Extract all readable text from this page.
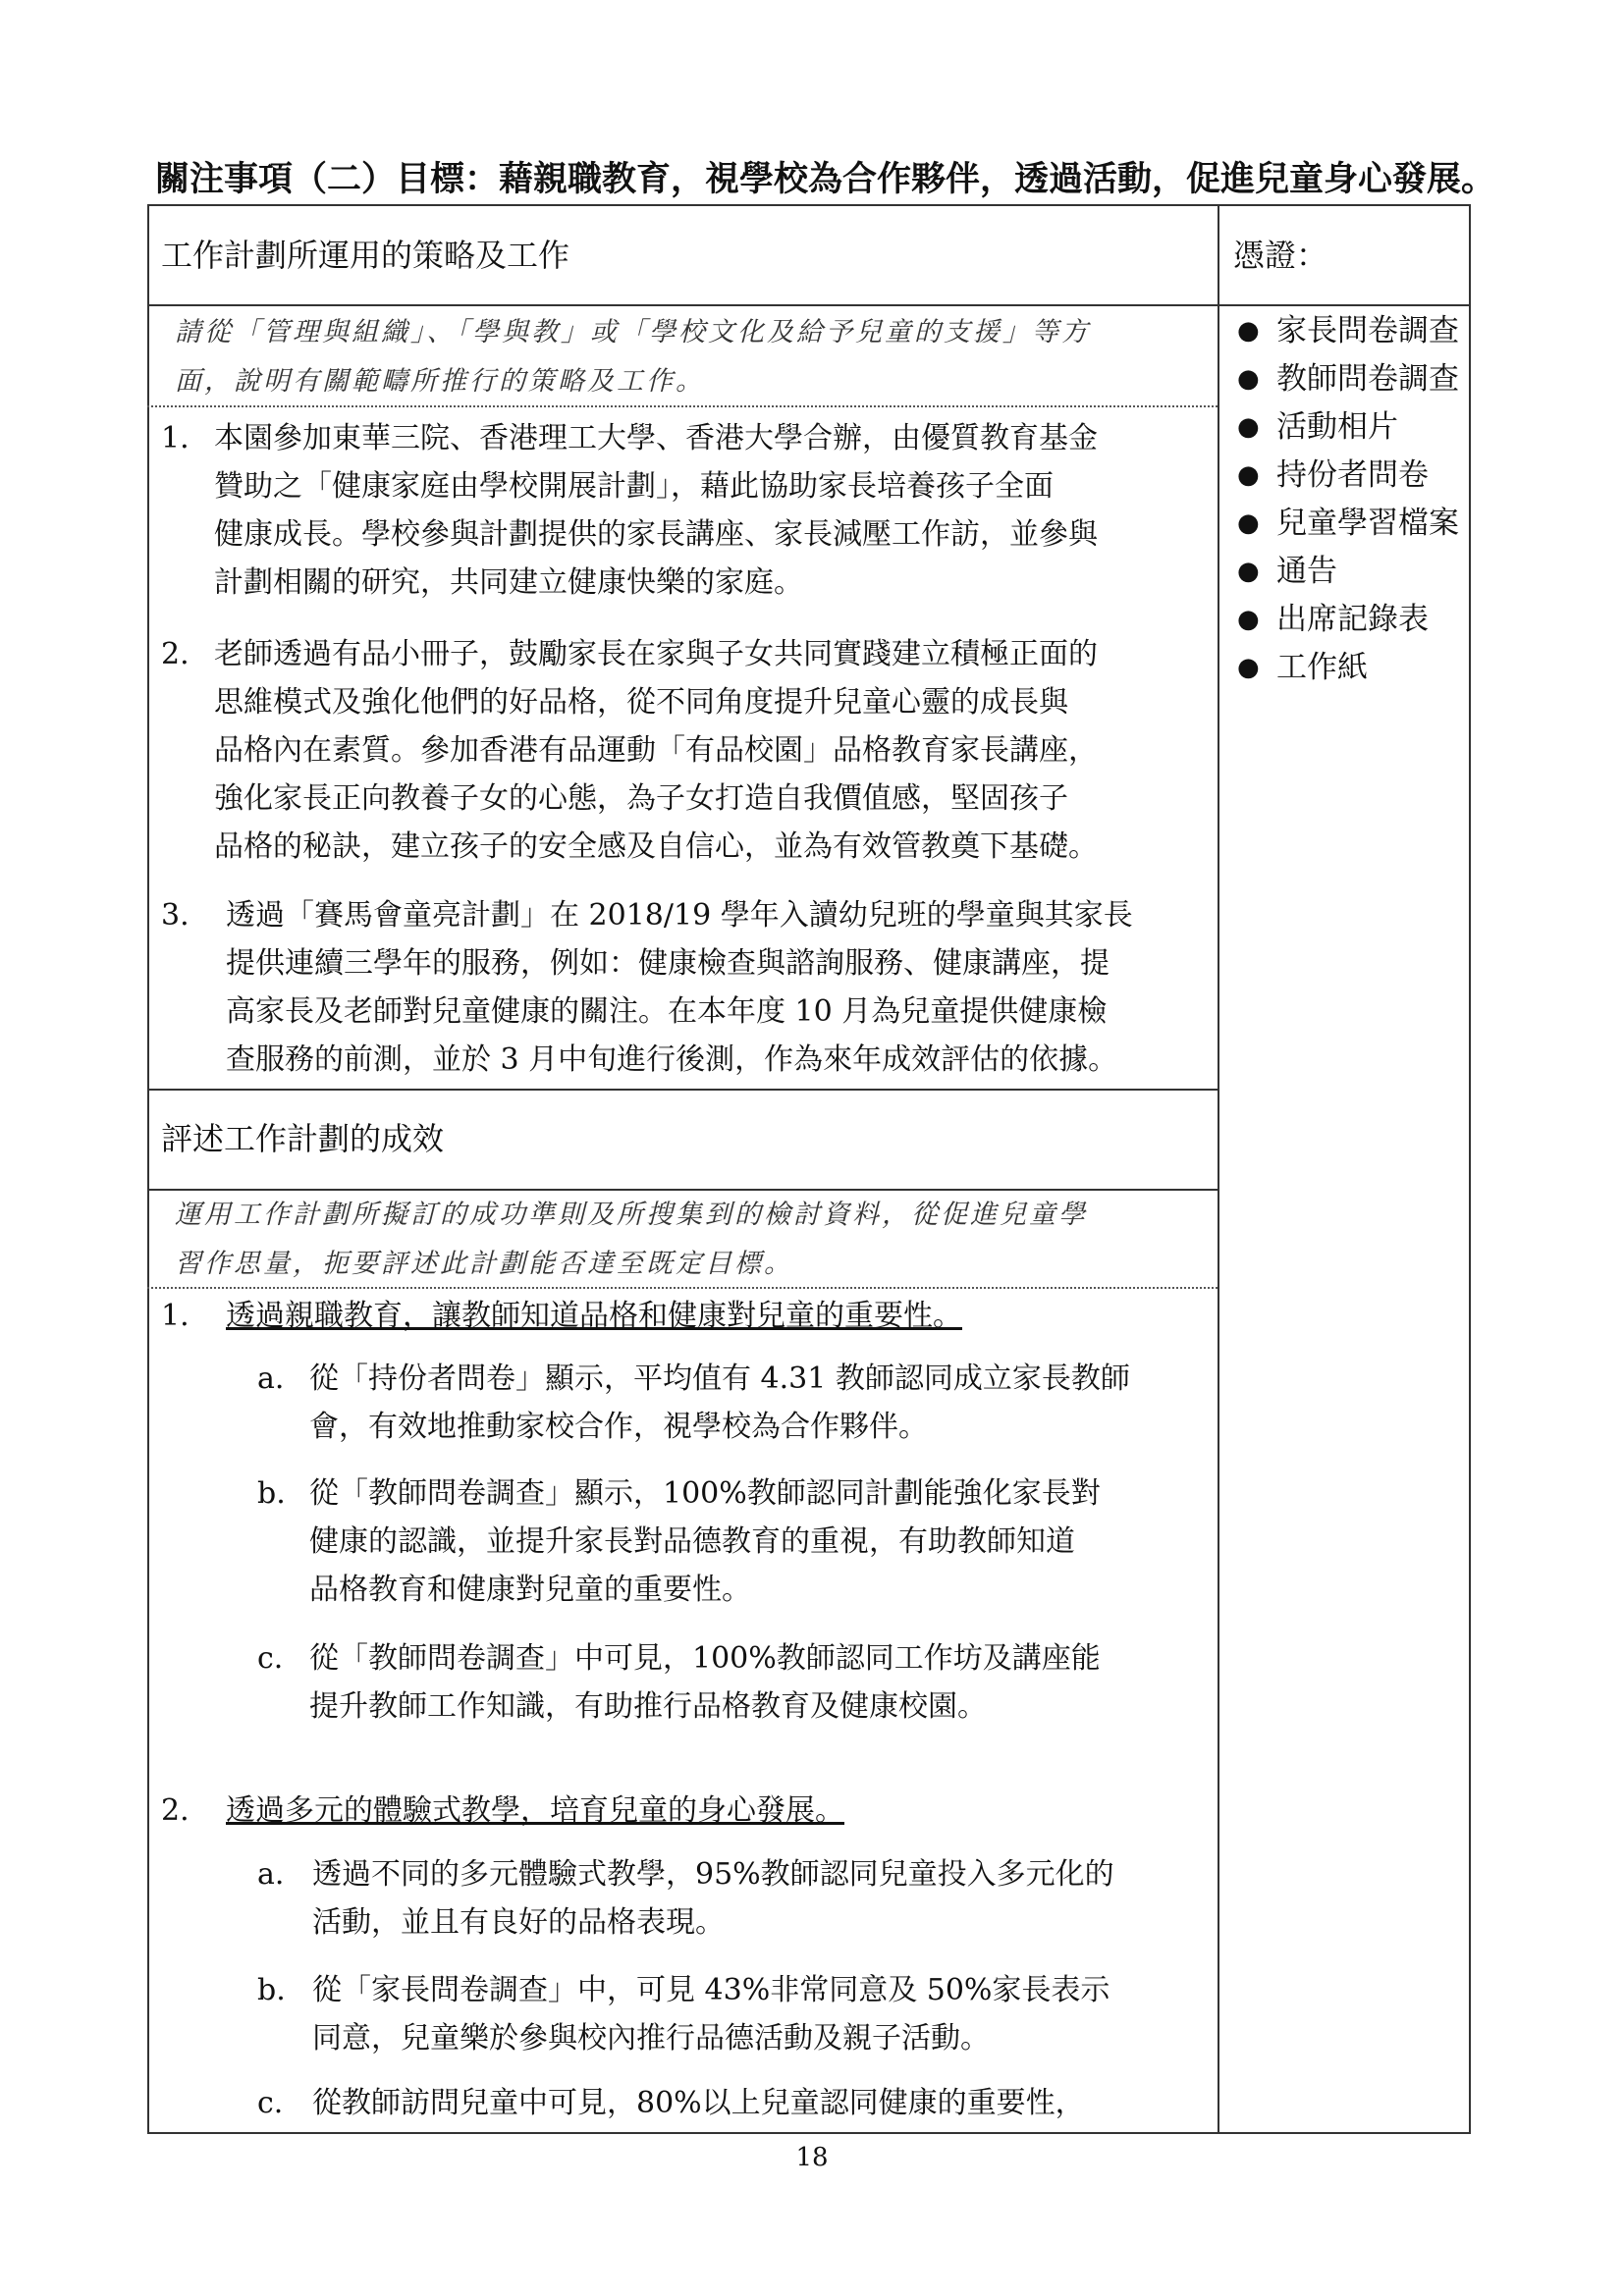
關注事項（二）目標：藉親職教育，視學校為合作夥伴，透過活動，促進兒童身心發展。
工作計劃所運用的策略及工作	憑證：
請從「管理與組織」、「學與教」或「學校文化及給予兒童的支援」等方
面，說明有關範疇所推行的策略及工作。
1. 本園參加東華三院、香港理工大學、香港大學合辦，由優質教育基金
贊助之「健康家庭由學校開展計劃」，藉此協助家長培養孩子全面
健康成長。學校參與計劃提供的家長講座、家長減壓工作訪，並參與
計劃相關的研究，共同建立健康快樂的家庭。
2. 老師透過有品小冊子，鼓勵家長在家與子女共同實踐建立積極正面的
思維模式及強化他們的好品格，從不同角度提升兒童心靈的成長與
品格內在素質。參加香港有品運動「有品校園」品格教育家長講座，
強化家長正向教養子女的心態，為子女打造自我價值感，堅固孩子
品格的秘訣，建立孩子的安全感及自信心，並為有效管教奠下基礎。
3. 透過「賽馬會童亮計劃」在 2018/19 學年入讀幼兒班的學童與其家長
提供連續三學年的服務，例如：健康檢查與諮詢服務、健康講座，提
高家長及老師對兒童健康的關注。在本年度 10 月為兒童提供健康檢
查服務的前測，並於 3 月中旬進行後測，作為來年成效評估的依據。
● 家長問卷調查
● 教師問卷調查
● 活動相片
● 持份者問卷
● 兒童學習檔案
● 通告
● 出席記錄表
● 工作紙
評述工作計劃的成效
運用工作計劃所擬訂的成功準則及所搜集到的檢討資料，從促進兒童學
習作思量，扼要評述此計劃能否達至既定目標。
1. 透過親職教育，讓教師知道品格和健康對兒童的重要性。
a. 從「持份者問卷」顯示，平均值有 4.31 教師認同成立家長教師
會，有效地推動家校合作，視學校為合作夥伴。
b. 從「教師問卷調查」顯示，100%教師認同計劃能強化家長對
健康的認識，並提升家長對品德教育的重視，有助教師知道
品格教育和健康對兒童的重要性。
c. 從「教師問卷調查」中可見，100%教師認同工作坊及講座能
提升教師工作知識，有助推行品格教育及健康校園。
2. 透過多元的體驗式教學，培育兒童的身心發展。
a. 透過不同的多元體驗式教學，95%教師認同兒童投入多元化的
活動，並且有良好的品格表現。
b. 從「家長問卷調查」中，可見 43%非常同意及 50%家長表示
同意，兒童樂於參與校內推行品德活動及親子活動。
c. 從教師訪問兒童中可見，80%以上兒童認同健康的重要性，
18
